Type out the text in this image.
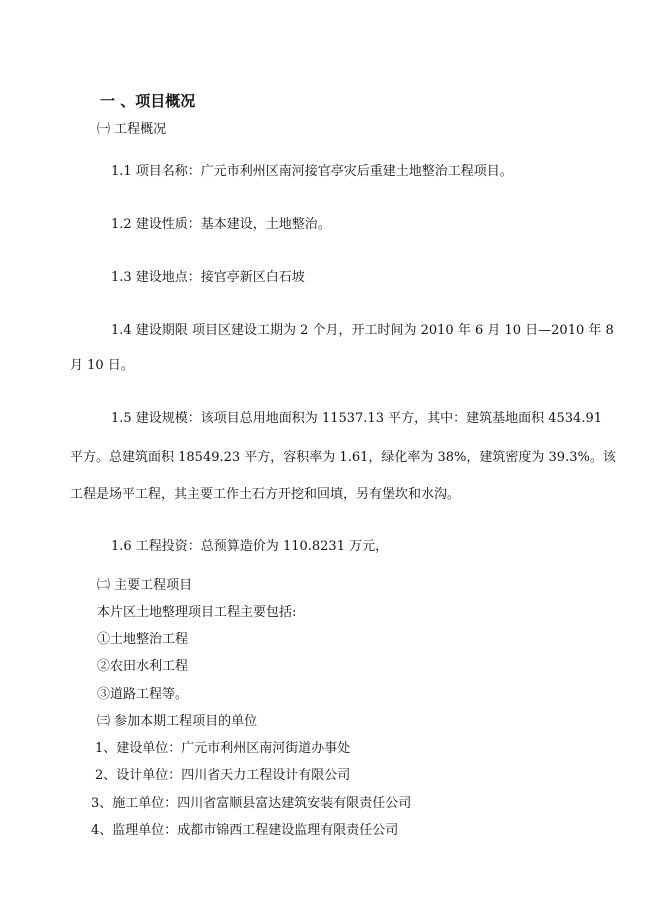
一 、项目概况
㈠ 工程概况
1.1 项目名称：广元市利州区南河接官亭灾后重建土地整治工程项目。
1.2 建设性质：基本建设，土地整治。
1.3 建设地点：接官亭新区白石坡
1.4 建设期限 项目区建设工期为 2 个月，开工时间为 2010 年 6 月 10 日—2010 年 8
月 10 日。
1.5 建设规模：该项目总用地面积为 11537.13 平方，其中：建筑基地面积 4534.91
平方。总建筑面积 18549.23 平方，容积率为 1.61，绿化率为 38%，建筑密度为 39.3%。该
工程是场平工程，其主要工作土石方开挖和回填，另有堡坎和水沟。
1.6 工程投资：总预算造价为 110.8231 万元，
㈡ 主要工程项目
本片区土地整理项目工程主要包括:
①土地整治工程
②农田水利工程
③道路工程等。
㈢ 参加本期工程项目的单位
1、建设单位：广元市利州区南河街道办事处
2、设计单位：四川省天力工程设计有限公司
3、施工单位：四川省富顺县富达建筑安装有限责任公司
4、监理单位：成都市锦西工程建设监理有限责任公司
